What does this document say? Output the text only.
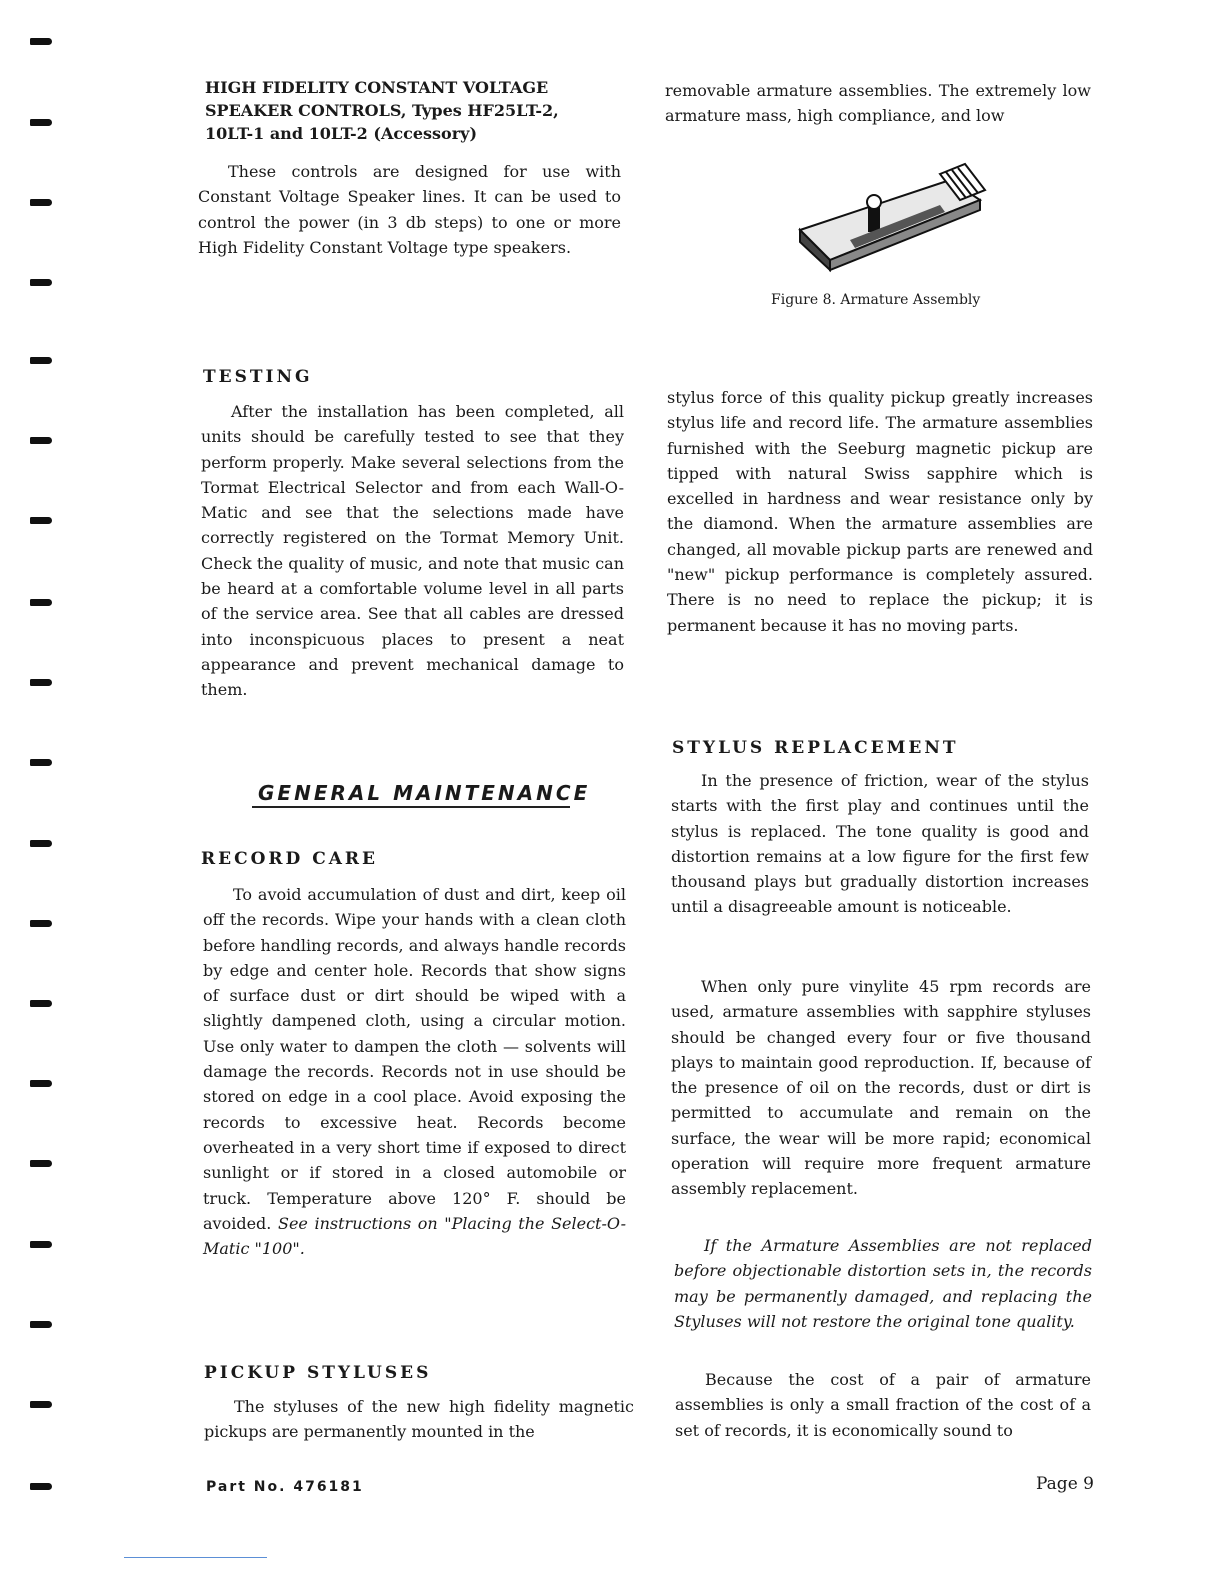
HIGH FIDELITY CONSTANT VOLTAGE
SPEAKER CONTROLS, Types HF25LT-2,
10LT-1 and 10LT-2 (Accessory)

These controls are designed for use with Constant Voltage Speaker lines. It can be used to control the power (in 3 db steps) to one or more High Fidelity Constant Voltage type speakers.

TESTING

After the installation has been completed, all units should be carefully tested to see that they perform properly. Make several selections from the Tormat Electrical Selector and from each Wall-O-Matic and see that the selections made have correctly registered on the Tormat Memory Unit. Check the quality of music, and note that music can be heard at a comfortable volume level in all parts of the service area. See that all cables are dressed into inconspicuous places to present a neat appearance and prevent mechanical damage to them.

GENERAL MAINTENANCE
RECORD CARE
To avoid accumulation of dust and dirt, keep oil off the records. Wipe your hands with a clean cloth before handling records, and always handle records by edge and center hole. Records that show signs of surface dust or dirt should be wiped with a slightly dampened cloth, using a circular motion. Use only water to dampen the cloth — solvents will damage the records. Records not in use should be stored on edge in a cool place. Avoid exposing the records to excessive heat. Records become overheated in a very short time if exposed to direct sunlight or if stored in a closed automobile or truck. Temperature above 120° F. should be avoided. See instructions on "Placing the Select-O-Matic "100".
PICKUP STYLUSES

The styluses of the new high fidelity magnetic pickups are permanently mounted in the

removable armature assemblies. The extremely low armature mass, high compliance, and low

Figure 8. Armature Assembly

stylus force of this quality pickup greatly increases stylus life and record life. The armature assemblies furnished with the Seeburg magnetic pickup are tipped with natural Swiss sapphire which is excelled in hardness and wear resistance only by the diamond. When the armature assemblies are changed, all movable pickup parts are renewed and "new" pickup performance is completely assured. There is no need to replace the pickup; it is permanent because it has no moving parts.

STYLUS REPLACEMENT

In the presence of friction, wear of the stylus starts with the first play and continues until the stylus is replaced. The tone quality is good and distortion remains at a low figure for the first few thousand plays but gradually distortion increases until a disagreeable amount is noticeable.

When only pure vinylite 45 rpm records are used, armature assemblies with sapphire styluses should be changed every four or five thousand plays to maintain good reproduction. If, because of the presence of oil on the records, dust or dirt is permitted to accumulate and remain on the surface, the wear will be more rapid; economical operation will require more frequent armature assembly replacement.

If the Armature Assemblies are not replaced before objectionable distortion sets in, the records may be permanently damaged, and replacing the Styluses will not restore the original tone quality.

Because the cost of a pair of armature assemblies is only a small fraction of the cost of a set of records, it is economically sound to

Part No. 476181	Page 9
